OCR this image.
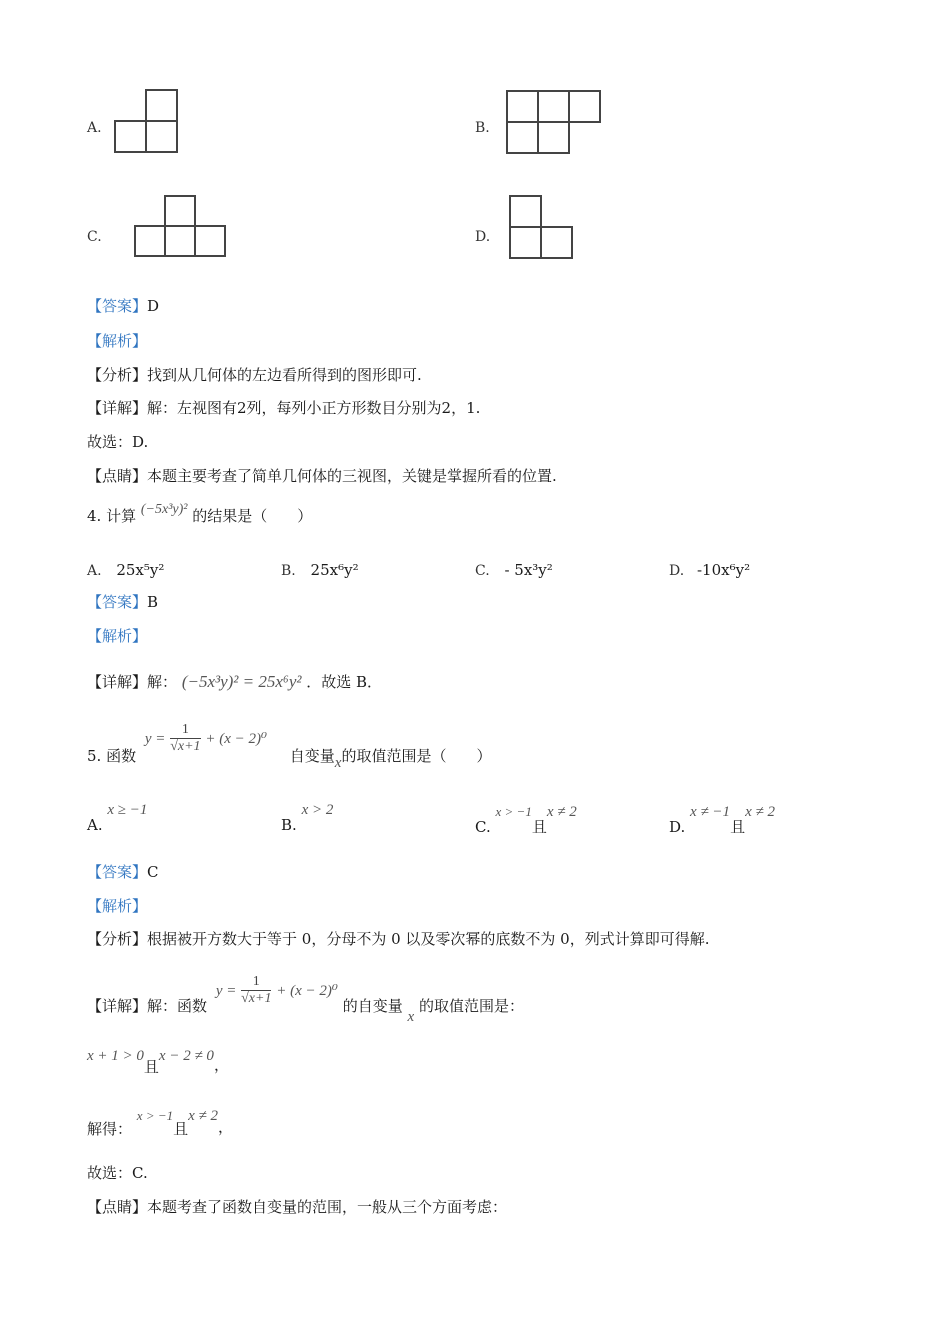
A.	B.
C.	D.
【答案】D
【解析】
【分析】找到从几何体的左边看所得到的图形即可.
【详解】解：左视图有2列，每列小正方形数目分别为2，1.
故选：D.
【点睛】本题主要考查了简单几何体的三视图，关键是掌握所看的位置.
4. 计算 (−5x³y)² 的结果是（　　）
A. 25x⁵y²	B. 25x⁶y²	C. - 5x³y²	D. -10x⁶y²
【答案】B
【解析】
【详解】解： (−5x³y)² = 25x⁶y² ．故选 B．
5. 函数 $y = \frac{1}{√x+1} + (x - 2)^0$ 自变量x的取值范围是（　　）
A. x ≥ −1
B. x > 2
C. x > −1且x ≠ 2
D. x ≠ −1且x ≠ 2
【答案】C
【解析】
【分析】根据被开方数大于等于 0，分母不为 0 以及零次幂的底数不为 0，列式计算即可得解.
【详解】解：函数 $y = \frac{1}{√x+1} + (x - 2)^0$ 的自变量 x 的取值范围是：
x + 1 > 0且x − 2 ≠ 0，
解得： x > −1且x ≠ 2，
故选：C.
【点睛】本题考查了函数自变量的范围，一般从三个方面考虑：
